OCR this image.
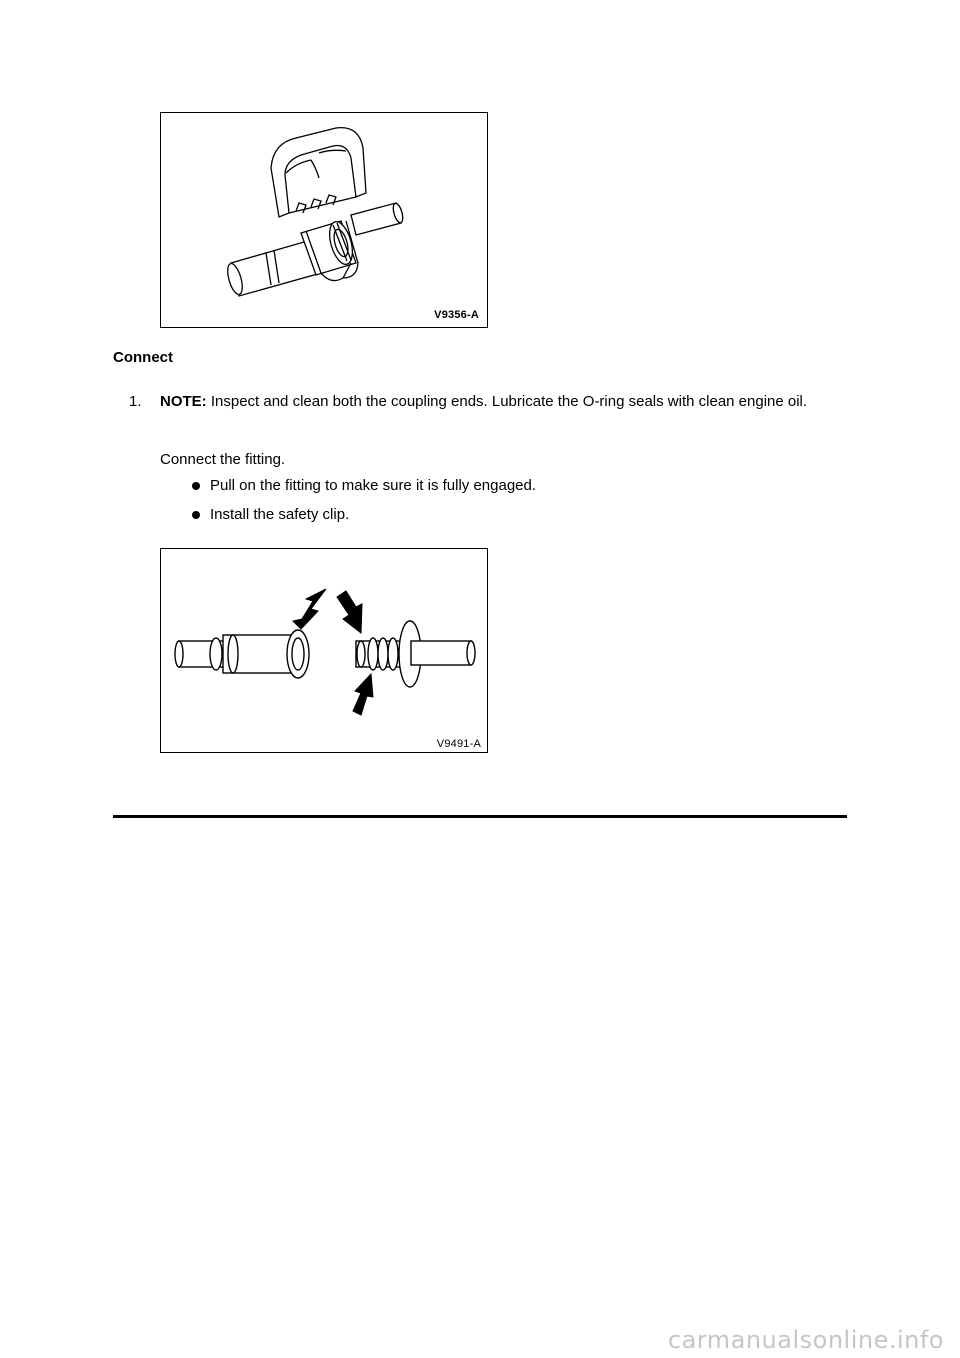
V9356-A
Connect
1. NOTE: Inspect and clean both the coupling ends. Lubricate the O-ring seals with clean engine oil.
Connect the fitting.
Pull on the fitting to make sure it is fully engaged.
Install the safety clip.
V9491-A
carmanualsonline.info
